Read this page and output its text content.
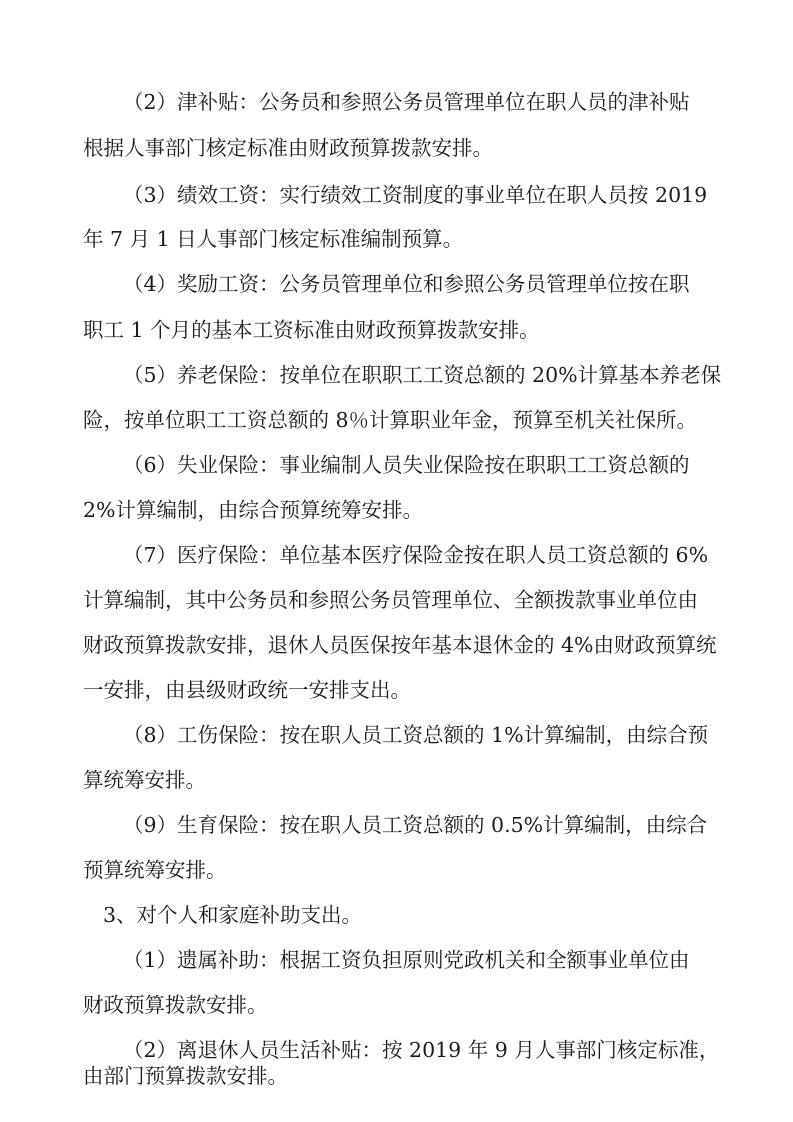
（2）津补贴：公务员和参照公务员管理单位在职人员的津补贴
根据人事部门核定标准由财政预算拨款安排。
（3）绩效工资：实行绩效工资制度的事业单位在职人员按 2019
年 7 月 1 日人事部门核定标准编制预算。
（4）奖励工资：公务员管理单位和参照公务员管理单位按在职
职工 1 个月的基本工资标准由财政预算拨款安排。
（5）养老保险：按单位在职职工工资总额的 20%计算基本养老保
险，按单位职工工资总额的 8％计算职业年金，预算至机关社保所。
（6）失业保险：事业编制人员失业保险按在职职工工资总额的
2%计算编制，由综合预算统筹安排。
（7）医疗保险：单位基本医疗保险金按在职人员工资总额的 6%
计算编制，其中公务员和参照公务员管理单位、全额拨款事业单位由
财政预算拨款安排，退休人员医保按年基本退休金的 4%由财政预算统
一安排，由县级财政统一安排支出。
（8）工伤保险：按在职人员工资总额的 1%计算编制，由综合预
算统筹安排。
（9）生育保险：按在职人员工资总额的 0.5%计算编制，由综合
预算统筹安排。
3、对个人和家庭补助支出。
（1）遗属补助：根据工资负担原则党政机关和全额事业单位由
财政预算拨款安排。
（2）离退休人员生活补贴：按 2019 年 9 月人事部门核定标准，
由部门预算拨款安排。
